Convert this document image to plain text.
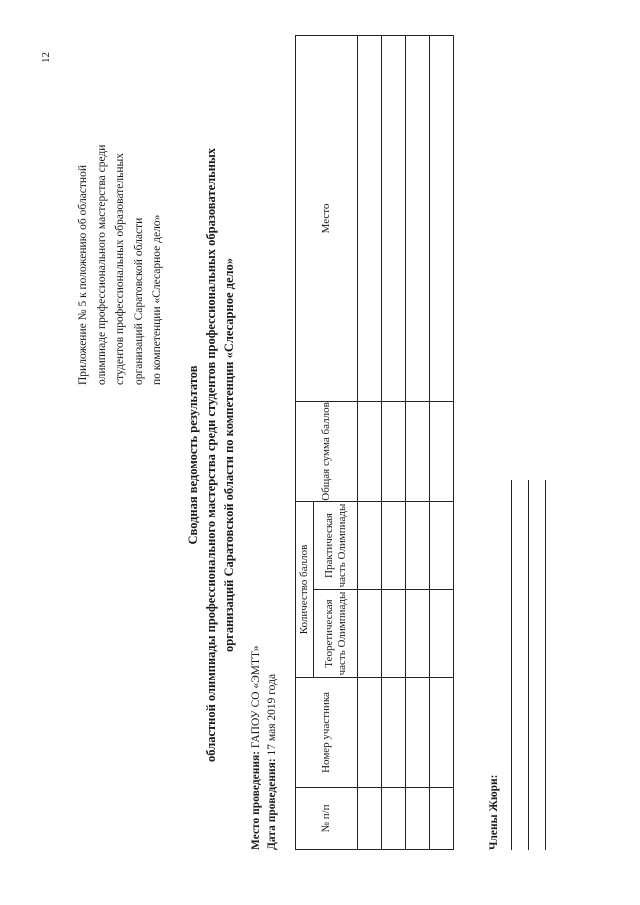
12
Приложение № 5 к положению об областной олимпиаде профессионального мастерства среди студентов профессиональных образовательных организаций Саратовской области по компетенции «Слесарное дело»
Сводная ведомость результатов областной олимпиады профессионального мастерства среди студентов профессиональных образовательных организаций Саратовской области по компетенции «Слесарное дело»
Место проведения: ГАПОУ СО «ЭМТТ»
Дата проведения: 17 мая 2019 года
№ п/п	Номер участника	Количество баллов		Общая сумма баллов	Место
		Теоретическая часть Олимпиады	Практическая часть Олимпиады		

Члены Жюри:
